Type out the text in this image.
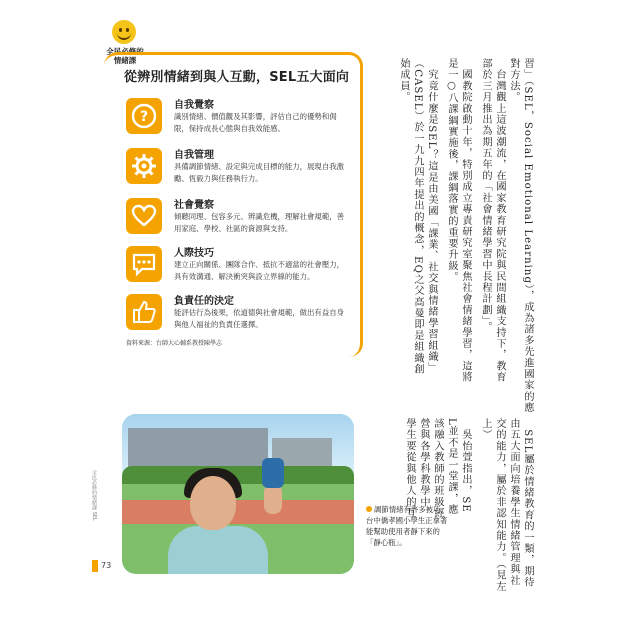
全民必修的
情緒課
從辨別情緒到與人互動，SEL五大面向
?
自我覺察
識別情緒、價值觀及其影響，評估自己的優勢和侷限，保持成長心態與自我效能感。
自我管理
具備調節情緒、設定與完成目標的能力，展現自我激勵、恆毅力與任務執行力。
社會覺察
傾聽同理、包容多元、辨識危機，理解社會規範，善用家庭、學校、社區的資源與支持。
人際技巧
建立正向關係、團隊合作、抵抗不適當的社會壓力，具有效溝通、解決衝突與設立界線的能力。
負責任的決定
能評估行為後果，依道德與社會規範，做出有益自身與他人福祉的負責任選擇。
資料來源：台師大心輔系教授陳學志	習」（SEL，Social Emotional Learning），成為諸多先進國家的應
對方法。
　台灣觀上這波潮流，在國家教育研究院與民間組織支持下，教育
部於三月推出為期五年的「社會情緒學習中長程計劃」。
　國教院啟動十年，特別成立專責研究室聚焦社會情緒學習，這將
是一○八課綱實施後，課綱落實的重要升級。
　究竟什麼是SEL？這是由美國「課業、社交與情緒學習組織」
（CASEL）於一九九四年提出的概念，EQ之父高曼即是組織創
始成員。
　SEL屬於情緒教育的一類，期待
由五大面向培養學生情緒管理與社
交的能力，屬於非認知能力。（見左
上）
　吳怡萱指出，SE
L並不是一堂課，應
該融入教師的班級經
營與各學科教學中，
學生要從與他人的互
調節情緒有許多技巧，台中僑孝國小學生正拿著能幫助使用者靜下來的「靜心瓶」。
全民必修的情緒課 SEL
73
